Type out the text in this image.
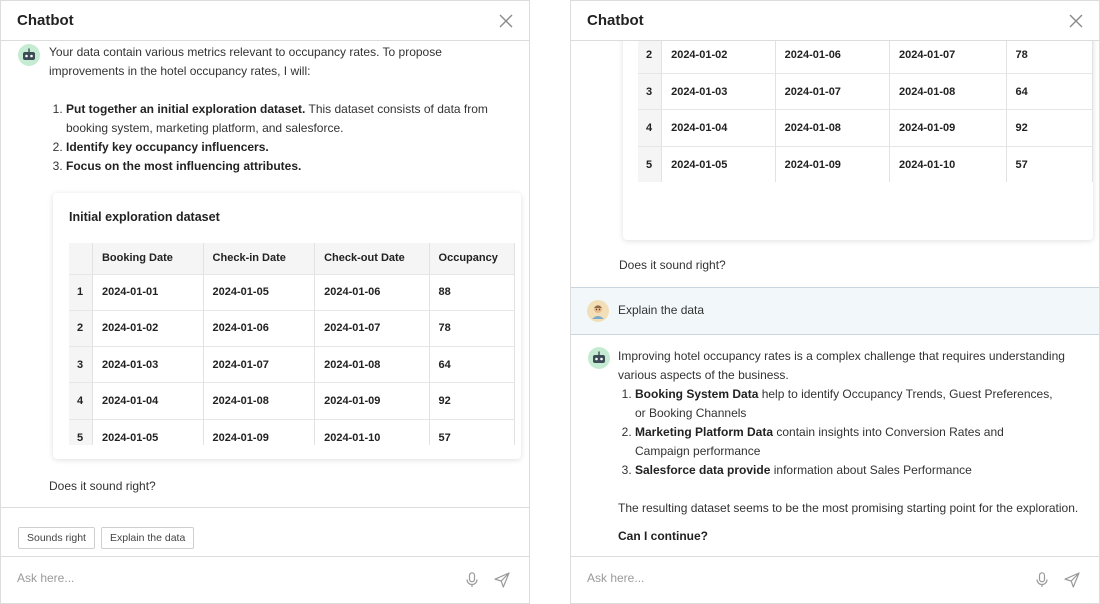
Chatbot
Your data contain various metrics relevant to occupancy rates. To propose improvements in the hotel occupancy rates, I will:
1. Put together an initial exploration dataset. This dataset consists of data from booking system, marketing platform, and salesforce.
2. Identify key occupancy influencers.
3. Focus on the most influencing attributes.
Initial exploration dataset
	Booking Date	Check-in Date	Check-out Date	Occupancy
1	2024-01-01	2024-01-05	2024-01-06	88
2	2024-01-02	2024-01-06	2024-01-07	78
3	2024-01-03	2024-01-07	2024-01-08	64
4	2024-01-04	2024-01-08	2024-01-09	92
5	2024-01-05	2024-01-09	2024-01-10	57
Does it sound right?
Sounds right	Explain the data
Ask here...

2	2024-01-02	2024-01-06	2024-01-07	78
3	2024-01-03	2024-01-07	2024-01-08	64
4	2024-01-04	2024-01-08	2024-01-09	92
5	2024-01-05	2024-01-09	2024-01-10	57
Chatbot
Does it sound right?
Explain the data
Improving hotel occupancy rates is a complex challenge that requires understanding various aspects of the business.
1. Booking System Data help to identify Occupancy Trends, Guest Preferences, or Booking Channels
2. Marketing Platform Data contain insights into Conversion Rates and Campaign performance
3. Salesforce data provide information about Sales Performance
The resulting dataset seems to be the most promising starting point for the exploration.
Can I continue?
Ask here...
